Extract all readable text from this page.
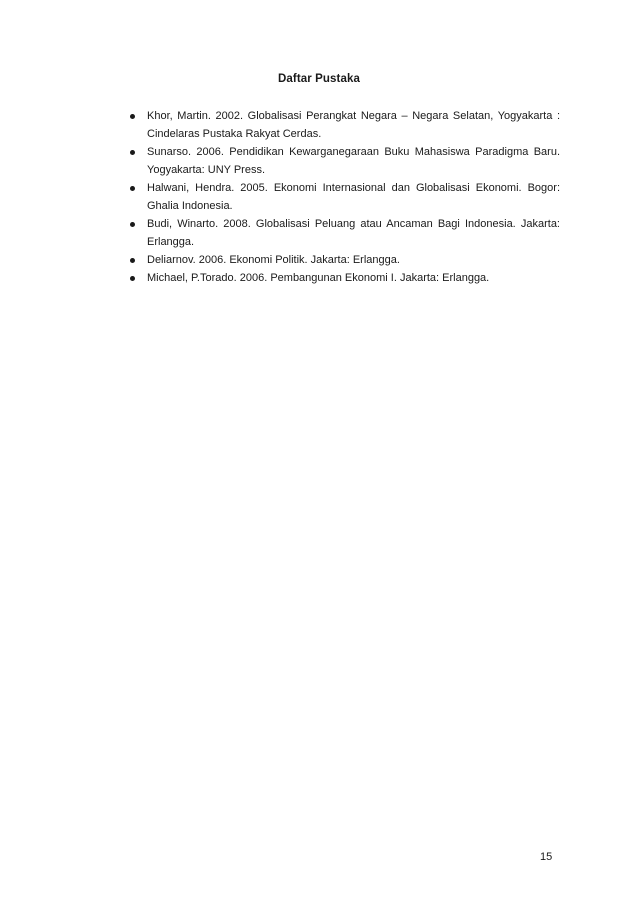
Daftar Pustaka
Khor, Martin. 2002. Globalisasi Perangkat Negara – Negara Selatan, Yogyakarta : Cindelaras Pustaka Rakyat Cerdas.
Sunarso. 2006. Pendidikan Kewarganegaraan Buku Mahasiswa Paradigma Baru. Yogyakarta: UNY Press.
Halwani, Hendra. 2005. Ekonomi Internasional dan Globalisasi Ekonomi. Bogor: Ghalia Indonesia.
Budi, Winarto. 2008. Globalisasi Peluang atau Ancaman Bagi Indonesia. Jakarta: Erlangga.
Deliarnov. 2006. Ekonomi Politik. Jakarta: Erlangga.
Michael, P.Torado. 2006. Pembangunan Ekonomi I. Jakarta: Erlangga.
15
